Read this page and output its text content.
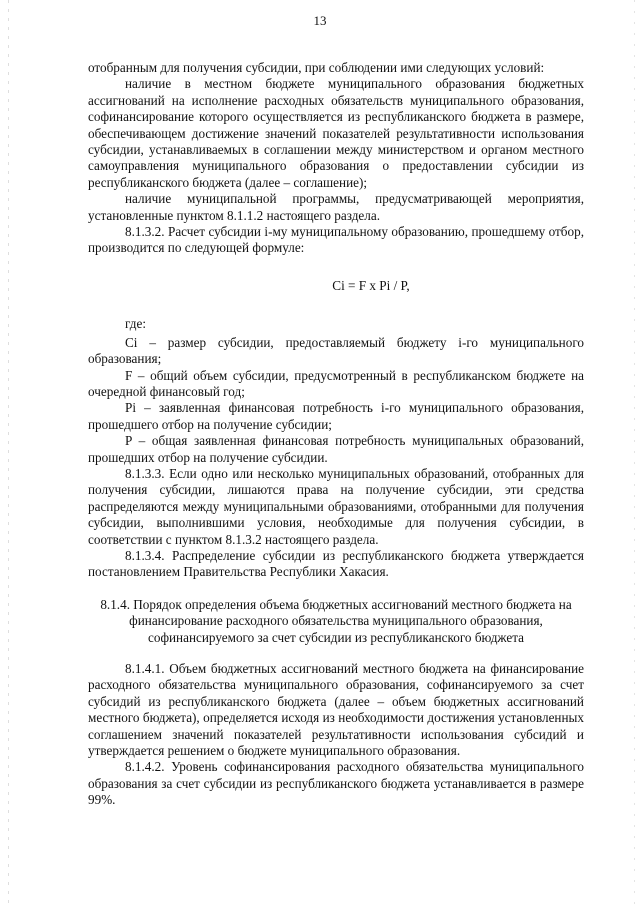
13

отобранным для получения субсидии, при соблюдении ими следующих условий:

наличие в местном бюджете муниципального образования бюджетных ассигнований на исполнение расходных обязательств муниципального образования, софинансирование которого осуществляется из республиканского бюджета в размере, обеспечивающем достижение значений показателей результативности использования субсидии, устанавливаемых в соглашении между министерством и органом местного самоуправления муниципального образования о предоставлении субсидии из республиканского бюджета (далее – соглашение);

наличие муниципальной программы, предусматривающей мероприятия, установленные пунктом 8.1.1.2 настоящего раздела.

8.1.3.2. Расчет субсидии i-му муниципальному образованию, прошедшему отбор, производится по следующей формуле:

Ci = F x Pi / P,

где:

Ci – размер субсидии, предоставляемый бюджету i-го муниципального образования;

F – общий объем субсидии, предусмотренный в республиканском бюджете на очередной финансовый год;

Pi – заявленная финансовая потребность i-го муниципального образования, прошедшего отбор на получение субсидии;

P – общая заявленная финансовая потребность муниципальных образований, прошедших отбор на получение субсидии.

8.1.3.3. Если одно или несколько муниципальных образований, отобранных для получения субсидии, лишаются права на получение субсидии, эти средства распределяются между муниципальными образованиями, отобранными для получения субсидии, выполнившими условия, необходимые для получения субсидии, в соответствии с пунктом 8.1.3.2 настоящего раздела.

8.1.3.4. Распределение субсидии из республиканского бюджета утверждается постановлением Правительства Республики Хакасия.

8.1.4. Порядок определения объема бюджетных ассигнований местного бюджета на финансирование расходного обязательства муниципального образования, софинансируемого за счет субсидии из республиканского бюджета

8.1.4.1. Объем бюджетных ассигнований местного бюджета на финансирование расходного обязательства муниципального образования, софинансируемого за счет субсидий из республиканского бюджета (далее – объем бюджетных ассигнований местного бюджета), определяется исходя из необходимости достижения установленных соглашением значений показателей результативности использования субсидий и утверждается решением о бюджете муниципального образования.

8.1.4.2. Уровень софинансирования расходного обязательства муниципального образования за счет субсидии из республиканского бюджета устанавливается в размере 99%.
